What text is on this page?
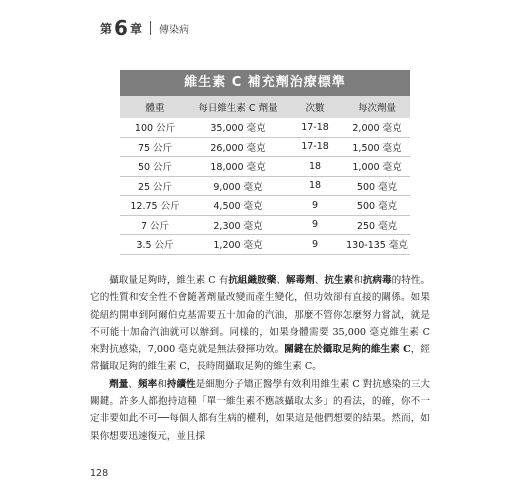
第 6 章 傳染病
維生素 C 補充劑治療標準
體重	每日維生素 C 劑量	次數	每次劑量
100 公斤	35,000 毫克	17-18	2,000 毫克
75 公斤	26,000 毫克	17-18	1,500 毫克
50 公斤	18,000 毫克	18	1,000 毫克
25 公斤	9,000 毫克	18	500 毫克
12.75 公斤	4,500 毫克	9	500 毫克
7 公斤	2,300 毫克	9	250 毫克
3.5 公斤	1,200 毫克	9	130-135 毫克

攝取量足夠時，維生素 C 有抗組織胺藥、解毒劑、抗生素和抗病毒的特性。它的性質和安全性不會隨著劑量改變而產生變化，但功效卻有直接的關係。如果從紐約開車到阿爾伯克基需要五十加侖的汽油，那麼不管你怎麼努力嘗試，就是不可能十加侖汽油就可以辦到。同樣的，如果身體需要 35,000 毫克維生素 C 來對抗感染，7,000 毫克就是無法發揮功效。關鍵在於攝取足夠的維生素 C，經常攝取足夠的維生素 C，長時間攝取足夠的維生素 C。

劑量、頻率和持續性是細胞分子矯正醫學有效利用維生素 C 對抗感染的三大關鍵。許多人都抱持這種「單一維生素不應該攝取太多」的看法，的確，你不一定非要如此不可──每個人都有生病的權利，如果這是他們想要的結果。然而，如果你想要迅速復元，並且採

128
